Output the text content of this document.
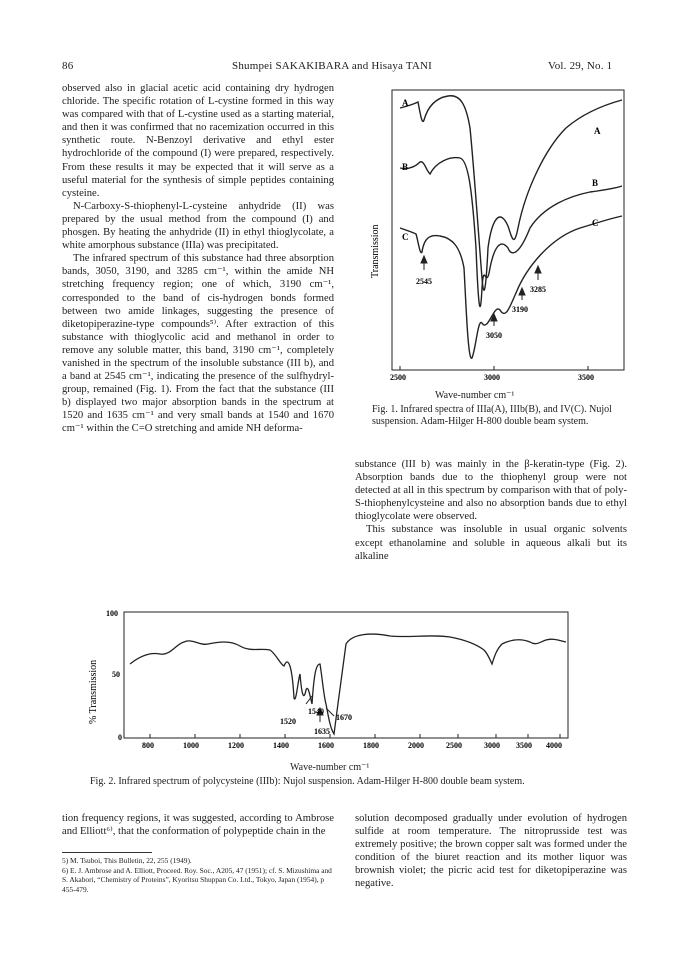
86	Shumpei SAKAKIBARA and Hisaya TANI	Vol. 29, No. 1

observed also in glacial acetic acid containing dry hydrogen chloride. The specific rotation of L-cystine formed in this way was compared with that of L-cystine used as a starting material, and then it was confirmed that no racemization occurred in this synthetic route. N-Benzoyl derivative and ethyl ester hydrochloride of the compound (I) were prepared, respectively. From these results it may be expected that it will serve as a useful material for the synthesis of simple peptides containing cysteine.

N-Carboxy-S-thiophenyl-L-cysteine anhydride (II) was prepared by the usual method from the compound (I) and phosgen. By heating the anhydride (II) in ethyl thioglycolate, a white amorphous substance (IIIa) was precipitated.

The infrared spectrum of this substance had three absorption bands, 3050, 3190, and 3285 cm⁻¹, within the amide NH stretching frequency region; one of which, 3190 cm⁻¹, corresponded to the band of cis-hydrogen bonds formed between two amide linkages, suggesting the presence of diketopiperazine-type compounds⁵⁾. After extraction of this substance with thioglycolic acid and methanol in order to remove any soluble matter, this band, 3190 cm⁻¹, completely vanished in the spectrum of the insoluble substance (III b), and a band at 2545 cm⁻¹, indicating the presence of the sulfhydryl-group, remained (Fig. 1). From the fact that the substance (III b) displayed two major absorption bands in the spectrum at 1520 and 1635 cm⁻¹ and very small bands at 1540 and 1670 cm⁻¹ within the C=O stretching and amide NH deforma-

A
A
B
B
C
C
2545
3285
3190
3050
2500	3000	3500
Transmission
Wave-number cm⁻¹
Fig. 1. Infrared spectra of IIIa(A), IIIb(B), and IV(C). Nujol suspension. Adam-Hilger H-800 double beam system.

substance (III b) was mainly in the β-keratin-type (Fig. 2). Absorption bands due to the thiophenyl group were not detected at all in this spectrum by comparison with that of poly-S-thiophenylcysteine and also no absorption bands due to ethyl thioglycolate were observed.

This substance was insoluble in usual organic solvents except ethanolamine and soluble in aqueous alkali but its alkaline

% Transmission
100
50
0
1540
1670
1520
1635
800	1000	1200	1400	1600	1800	2000	2500	3000 3500 4000
Wave-number cm⁻¹
Fig. 2. Infrared spectrum of polycysteine (IIIb): Nujol suspension. Adam-Hilger H-800 double beam system.
tion frequency regions, it was suggested, according to Ambrose and Elliott⁶⁾, that the conformation of polypeptide chain in the

5) M. Tsuboi, This Bulletin, 22, 255 (1949).

6) E. J. Ambrose and A. Elliott, Proceed. Roy. Soc., A205, 47 (1951); cf. S. Mizushima and S. Akabori, “Chemistry of Proteins”, Kyoritsu Shuppan Co. Ltd., Tokyo, Japan (1954), p 455-479.

solution decomposed gradually under evolution of hydrogen sulfide at room temperature. The nitroprusside test was extremely positive; the brown copper salt was formed under the condition of the biuret reaction and its mother liquor was brownish violet; the picric acid test for diketopiperazine was negative.
